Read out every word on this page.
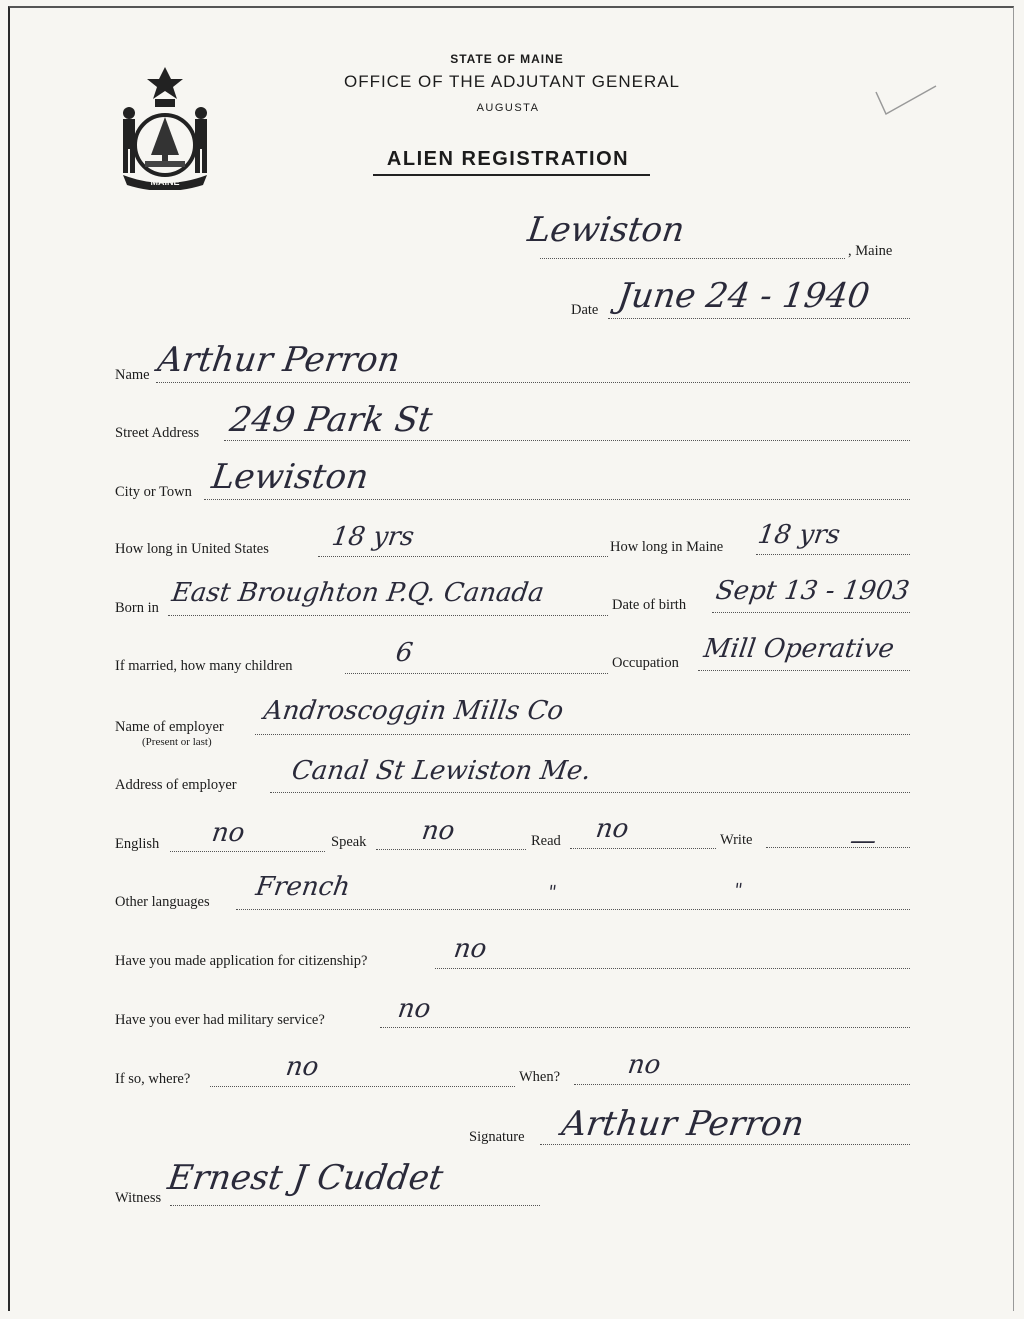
MAINE
STATE OF MAINE
OFFICE OF THE ADJUTANT GENERAL
AUGUSTA
ALIEN REGISTRATION
Lewiston
, Maine
Date June 24 - 1940
Name Arthur Perron
Street Address 249 Park St
City or Town Lewiston
How long in United States 18 yrs	How long in Maine 18 yrs
Born in East Broughton P.Q. Canada	Date of birth Sept 13 - 1903
If married, how many children	6	Occupation Mill Operative
Name of employer
(Present or last)
Androscoggin Mills Co
Address of employer Canal St Lewiston Me.
English no	Speak no	Read no	Write	—
Other languages French	"	"
Have you made application for citizenship?	no
Have you ever had military service?	no
If so, where?	no	When?	no
Signature Arthur Perron
Witness Ernest J Cuddet
